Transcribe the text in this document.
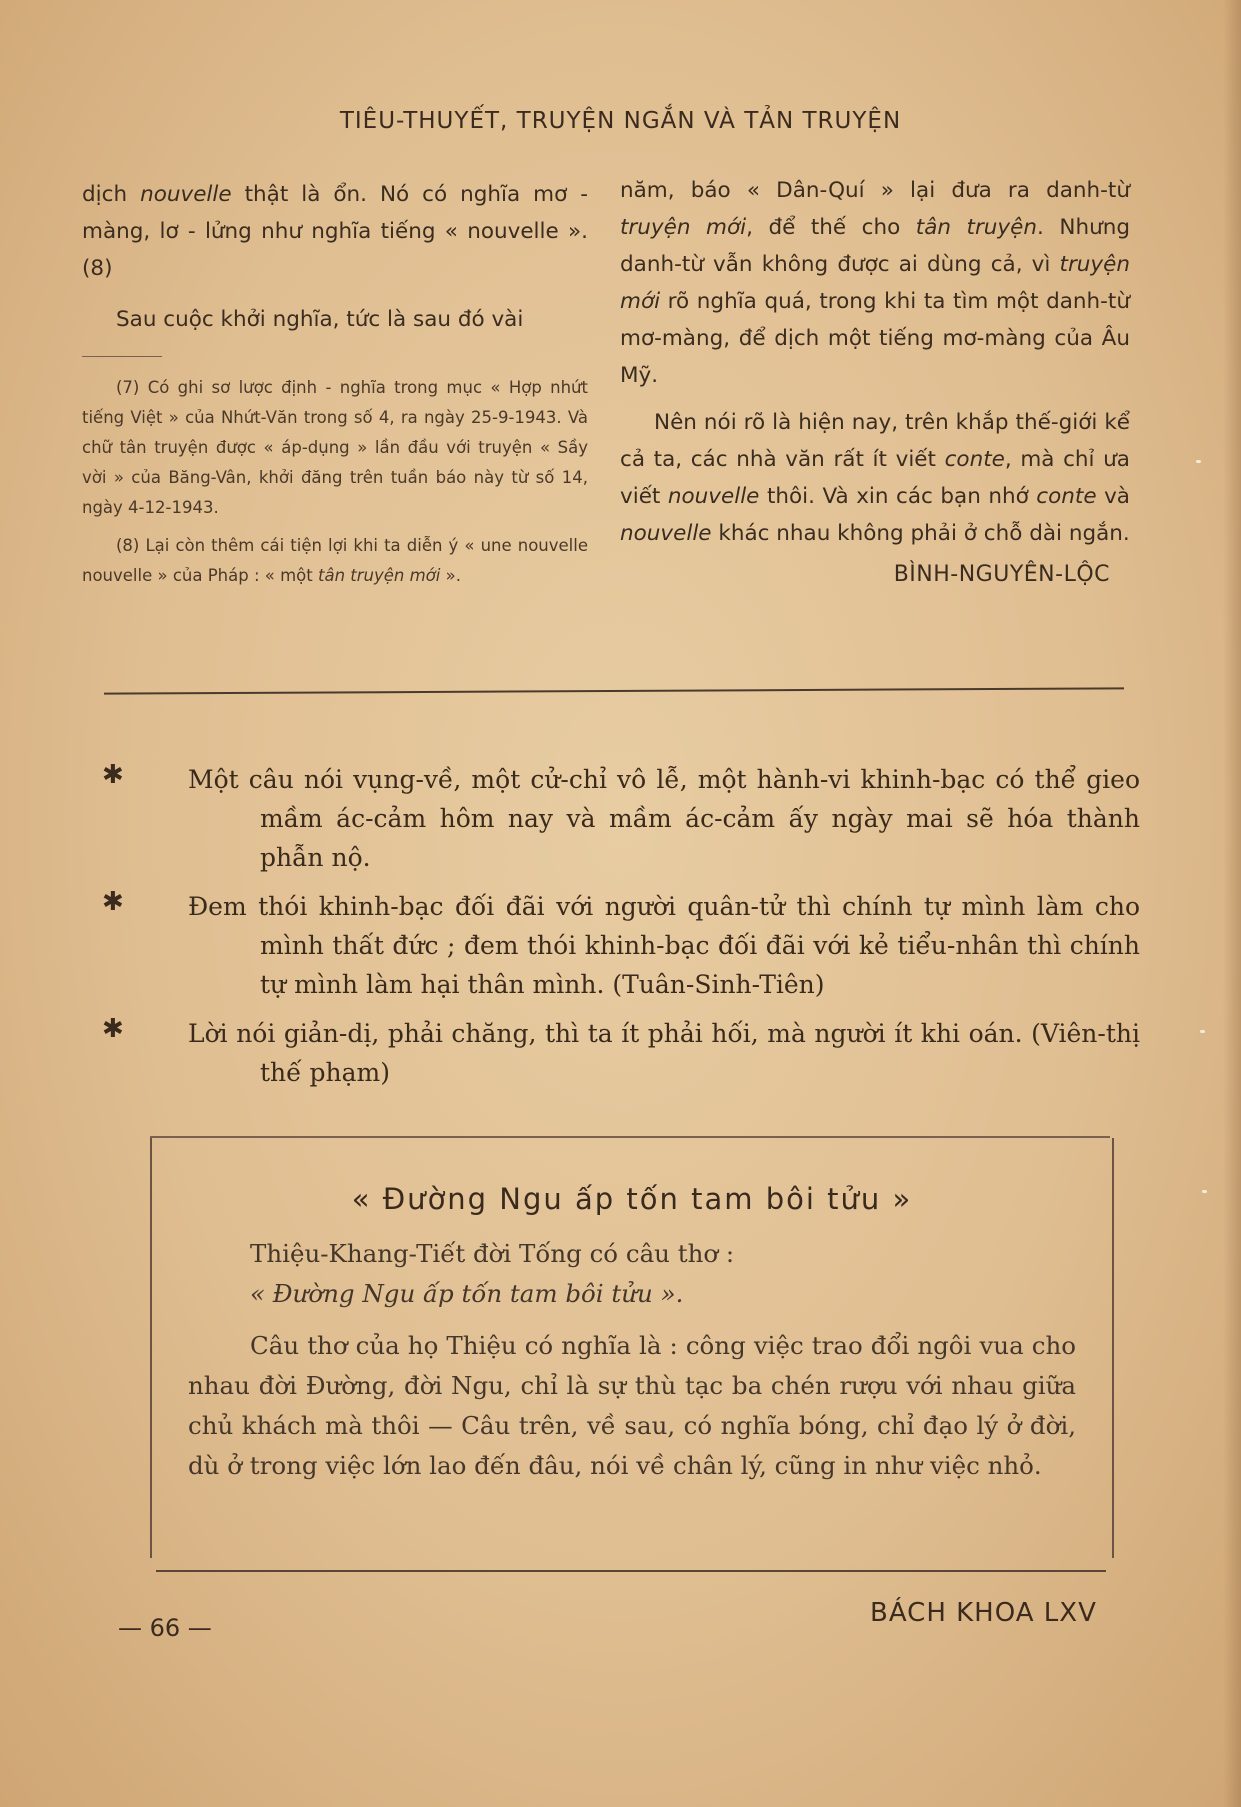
TIÊU-THUYẾT, TRUYỆN NGẮN VÀ TẢN TRUYỆN

dịch nouvelle thật là ổn. Nó có nghĩa mơ - màng, lơ - lửng như nghĩa tiếng « nouvelle ». (8)

Sau cuộc khởi nghĩa, tức là sau đó vài

(7) Có ghi sơ lược định - nghĩa trong mục « Hợp nhứt tiếng Việt » của Nhứt-Văn trong số 4, ra ngày 25-9-1943. Và chữ tân truyện được « áp-dụng » lần đầu với truyện « Sầy vời » của Băng-Vân, khởi đăng trên tuần báo này từ số 14, ngày 4-12-1943.

(8) Lại còn thêm cái tiện lợi khi ta diễn ý « une nouvelle nouvelle » của Pháp : « một tân truyện mới ».

năm, báo « Dân-Quí » lại đưa ra danh-từ truyện mới, để thế cho tân truyện. Nhưng danh-từ vẫn không được ai dùng cả, vì truyện mới rõ nghĩa quá, trong khi ta tìm một danh-từ mơ-màng, để dịch một tiếng mơ-màng của Âu Mỹ.

Nên nói rõ là hiện nay, trên khắp thế-giới kể cả ta, các nhà văn rất ít viết conte, mà chỉ ưa viết nouvelle thôi. Và xin các bạn nhớ conte và nouvelle khác nhau không phải ở chỗ dài ngắn.

BÌNH-NGUYÊN-LỘC
✱	Một câu nói vụng-về, một cử-chỉ vô lễ, một hành-vi khinh-bạc có thể gieo mầm ác-cảm hôm nay và mầm ác-cảm ấy ngày mai sẽ hóa thành phẫn nộ.

✱	Đem thói khinh-bạc đối đãi với người quân-tử thì chính tự mình làm cho mình thất đức ; đem thói khinh-bạc đối đãi với kẻ tiểu-nhân thì chính tự mình làm hại thân mình. (Tuân-Sinh-Tiên)

✱	Lời nói giản-dị, phải chăng, thì ta ít phải hối, mà người ít khi oán. (Viên-thị thế phạm)

« Đường Ngu ấp tốn tam bôi tửu »

Thiệu-Khang-Tiết đời Tống có câu thơ :

« Đường Ngu ấp tốn tam bôi tửu ».

Câu thơ của họ Thiệu có nghĩa là : công việc trao đổi ngôi vua cho nhau đời Đường, đời Ngu, chỉ là sự thù tạc ba chén rượu với nhau giữa chủ khách mà thôi — Câu trên, về sau, có nghĩa bóng, chỉ đạo lý ở đời, dù ở trong việc lớn lao đến đâu, nói về chân lý, cũng in như việc nhỏ.

— 66 —	BÁCH KHOA LXV
